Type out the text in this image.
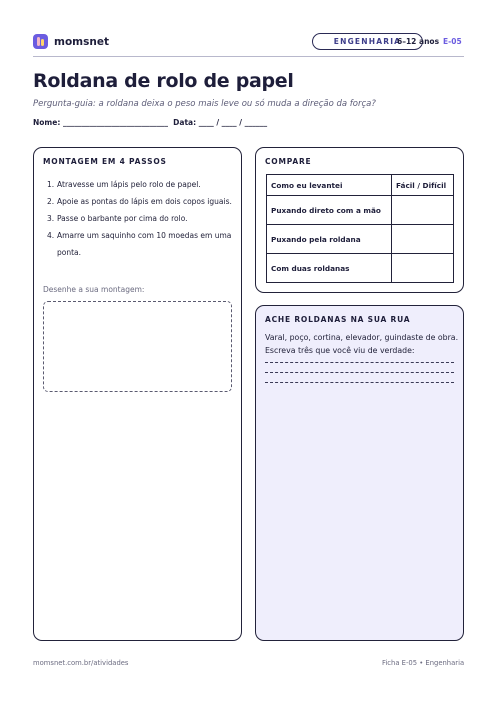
momsnet	ENGENHARIA
6–12 anos E-05
Roldana de rolo de papel
Pergunta-guia: a roldana deixa o peso mais leve ou só muda a direção da força?
Nome: ____________________________  Data: ____ / ____ / ______
MONTAGEM EM 4 PASSOS
1. Atravesse um lápis pelo rolo de papel.
2. Apoie as pontas do lápis em dois copos iguais.
3. Passe o barbante por cima do rolo.
4. Amarre um saquinho com 10 moedas em uma ponta.
Desenhe a sua montagem:
COMPARE
Como eu levantei	Fácil / Difícil
Puxando direto com a mão	
Puxando pela roldana	
Com duas roldanas	
ACHE ROLDANAS NA SUA RUA
Varal, poço, cortina, elevador, guindaste de obra. Escreva três que você viu de verdade:
momsnet.com.br/atividades	Ficha E-05 • Engenharia
